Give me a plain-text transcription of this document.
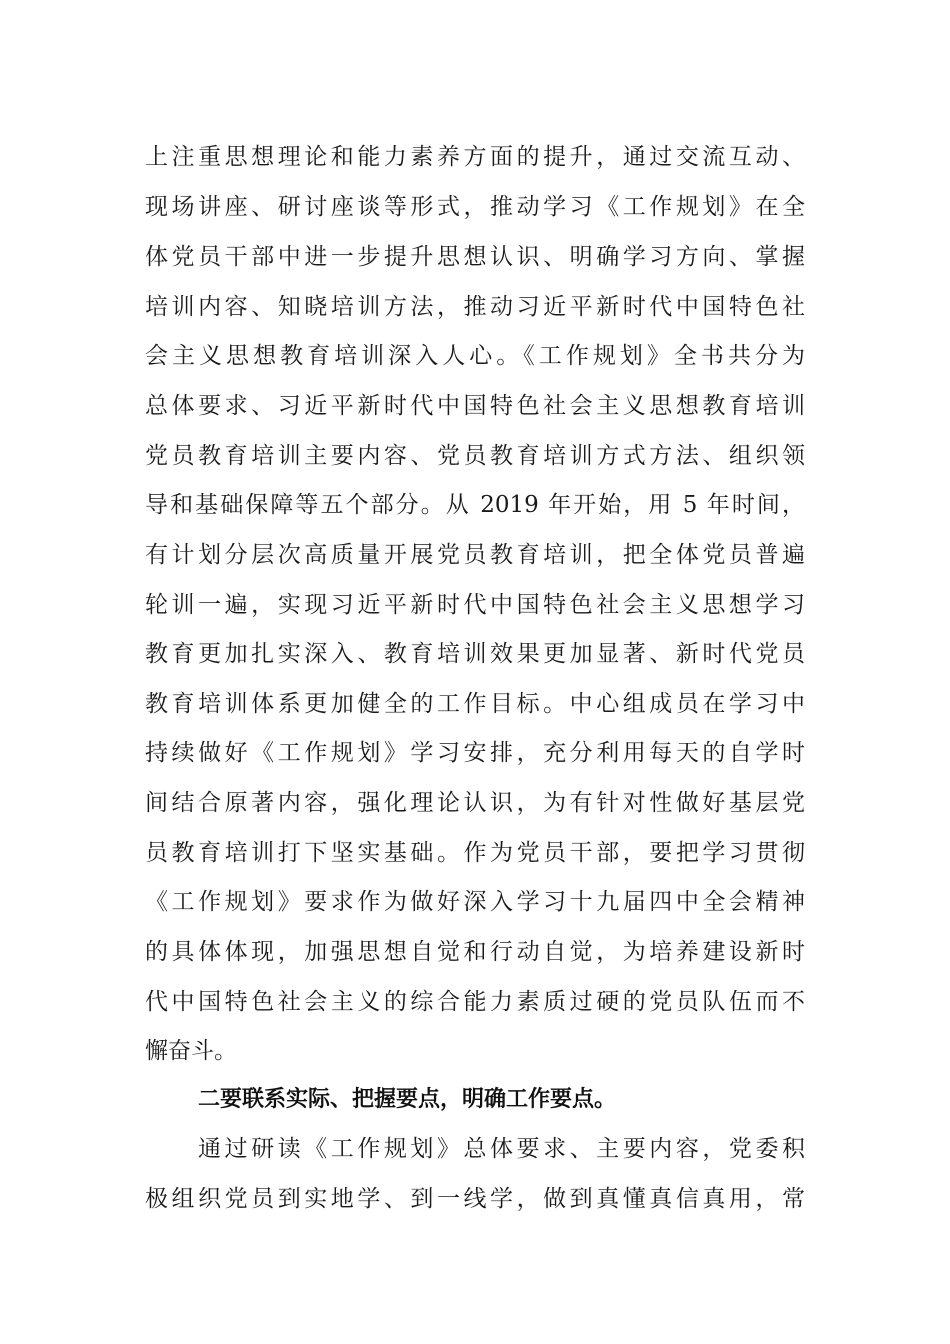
上注重思想理论和能力素养方面的提升，通过交流互动、
现场讲座、研讨座谈等形式，推动学习《工作规划》在全
体党员干部中进一步提升思想认识、明确学习方向、掌握
培训内容、知晓培训方法，推动习近平新时代中国特色社
会主义思想教育培训深入人心。《工作规划》全书共分为
总体要求、习近平新时代中国特色社会主义思想教育培训
党员教育培训主要内容、党员教育培训方式方法、组织领
导和基础保障等五个部分。从 2019 年开始，用 5 年时间，
有计划分层次高质量开展党员教育培训，把全体党员普遍
轮训一遍，实现习近平新时代中国特色社会主义思想学习
教育更加扎实深入、教育培训效果更加显著、新时代党员
教育培训体系更加健全的工作目标。中心组成员在学习中
持续做好《工作规划》学习安排，充分利用每天的自学时
间结合原著内容，强化理论认识，为有针对性做好基层党
员教育培训打下坚实基础。作为党员干部，要把学习贯彻
《工作规划》要求作为做好深入学习十九届四中全会精神
的具体体现，加强思想自觉和行动自觉，为培养建设新时
代中国特色社会主义的综合能力素质过硬的党员队伍而不
懈奋斗。
二要联系实际、把握要点，明确工作要点。
通过研读《工作规划》总体要求、主要内容，党委积
极组织党员到实地学、到一线学，做到真懂真信真用，常
